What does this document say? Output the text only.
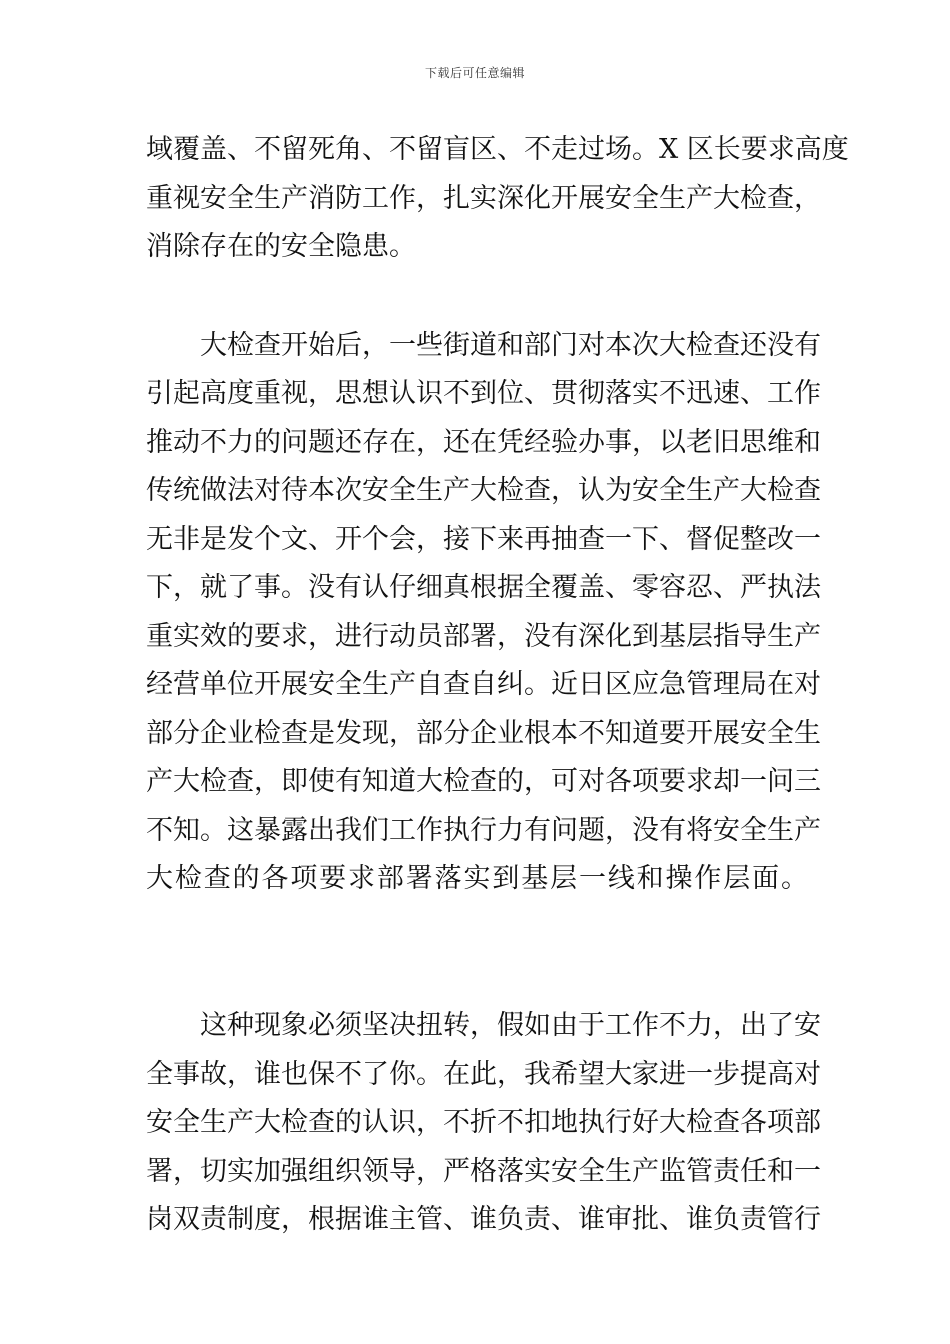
下载后可任意编辑

域覆盖、不留死角、不留盲区、不走过场。X 区长要求高度
重视安全生产消防工作，扎实深化开展安全生产大检查，
消除存在的安全隐患。

　　大检查开始后，一些街道和部门对本次大检查还没有
引起高度重视，思想认识不到位、贯彻落实不迅速、工作
推动不力的问题还存在，还在凭经验办事，以老旧思维和
传统做法对待本次安全生产大检查，认为安全生产大检查
无非是发个文、开个会，接下来再抽查一下、督促整改一
下，就了事。没有认仔细真根据全覆盖、零容忍、严执法
重实效的要求，进行动员部署，没有深化到基层指导生产
经营单位开展安全生产自查自纠。近日区应急管理局在对
部分企业检查是发现，部分企业根本不知道要开展安全生
产大检查，即使有知道大检查的，可对各项要求却一问三
不知。这暴露出我们工作执行力有问题，没有将安全生产
大检查的各项要求部署落实到基层一线和操作层面。

　　这种现象必须坚决扭转，假如由于工作不力，出了安
全事故，谁也保不了你。在此，我希望大家进一步提高对
安全生产大检查的认识，不折不扣地执行好大检查各项部
署，切实加强组织领导，严格落实安全生产监管责任和一
岗双责制度，根据谁主管、谁负责、谁审批、谁负责管行
